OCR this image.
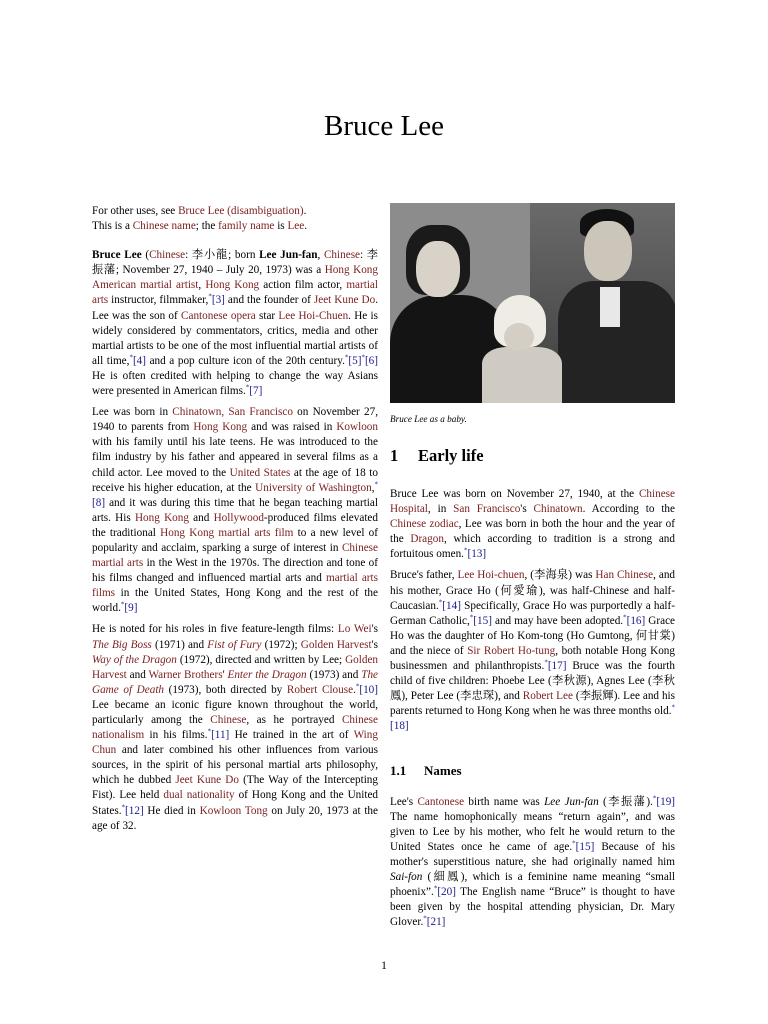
Bruce Lee
For other uses, see Bruce Lee (disambiguation).
This is a Chinese name; the family name is Lee.

Bruce Lee (Chinese: 李小龍; born Lee Jun-fan, Chinese: 李振藩; November 27, 1940 – July 20, 1973) was a Hong Kong American martial artist, Hong Kong action film actor, martial arts instructor, filmmaker,*[3] and the founder of Jeet Kune Do. Lee was the son of Cantonese opera star Lee Hoi-Chuen. He is widely considered by commentators, critics, media and other martial artists to be one of the most influential martial artists of all time,*[4] and a pop culture icon of the 20th century.*[5]*[6] He is often credited with helping to change the way Asians were presented in American films.*[7]

Lee was born in Chinatown, San Francisco on November 27, 1940 to parents from Hong Kong and was raised in Kowloon with his family until his late teens. He was introduced to the film industry by his father and appeared in several films as a child actor. Lee moved to the United States at the age of 18 to receive his higher education, at the University of Washington,*[8] and it was during this time that he began teaching martial arts. His Hong Kong and Hollywood-produced films elevated the traditional Hong Kong martial arts film to a new level of popularity and acclaim, sparking a surge of interest in Chinese martial arts in the West in the 1970s. The direction and tone of his films changed and influenced martial arts and martial arts films in the United States, Hong Kong and the rest of the world.*[9]

He is noted for his roles in five feature-length films: Lo Wei's The Big Boss (1971) and Fist of Fury (1972); Golden Harvest's Way of the Dragon (1972), directed and written by Lee; Golden Harvest and Warner Brothers' Enter the Dragon (1973) and The Game of Death (1973), both directed by Robert Clouse.*[10] Lee became an iconic figure known throughout the world, particularly among the Chinese, as he portrayed Chinese nationalism in his films.*[11] He trained in the art of Wing Chun and later combined his other influences from various sources, in the spirit of his personal martial arts philosophy, which he dubbed Jeet Kune Do (The Way of the Intercepting Fist). Lee held dual nationality of Hong Kong and the United States.*[12] He died in Kowloon Tong on July 20, 1973 at the age of 32.

Bruce Lee as a baby.
1 Early life

Bruce Lee was born on November 27, 1940, at the Chinese Hospital, in San Francisco's Chinatown. According to the Chinese zodiac, Lee was born in both the hour and the year of the Dragon, which according to tradition is a strong and fortuitous omen.*[13]

Bruce's father, Lee Hoi-chuen, (李海泉) was Han Chinese, and his mother, Grace Ho (何愛瑜), was half-Chinese and half-Caucasian.*[14] Specifically, Grace Ho was purportedly a half-German Catholic,*[15] and may have been adopted.*[16] Grace Ho was the daughter of Ho Kom-tong (Ho Gumtong, 何甘棠) and the niece of Sir Robert Ho-tung, both notable Hong Kong businessmen and philanthropists.*[17] Bruce was the fourth child of five children: Phoebe Lee (李秋源), Agnes Lee (李秋鳳), Peter Lee (李忠琛), and Robert Lee (李振輝). Lee and his parents returned to Hong Kong when he was three months old.*[18]

1.1 Names

Lee's Cantonese birth name was Lee Jun-fan (李振藩).*[19] The name homophonically means “return again”, and was given to Lee by his mother, who felt he would return to the United States once he came of age.*[15] Because of his mother's superstitious nature, she had originally named him Sai-fon (細鳳), which is a feminine name meaning “small phoenix”.*[20] The English name “Bruce” is thought to have been given by the hospital attending physician, Dr. Mary Glover.*[21]

1
